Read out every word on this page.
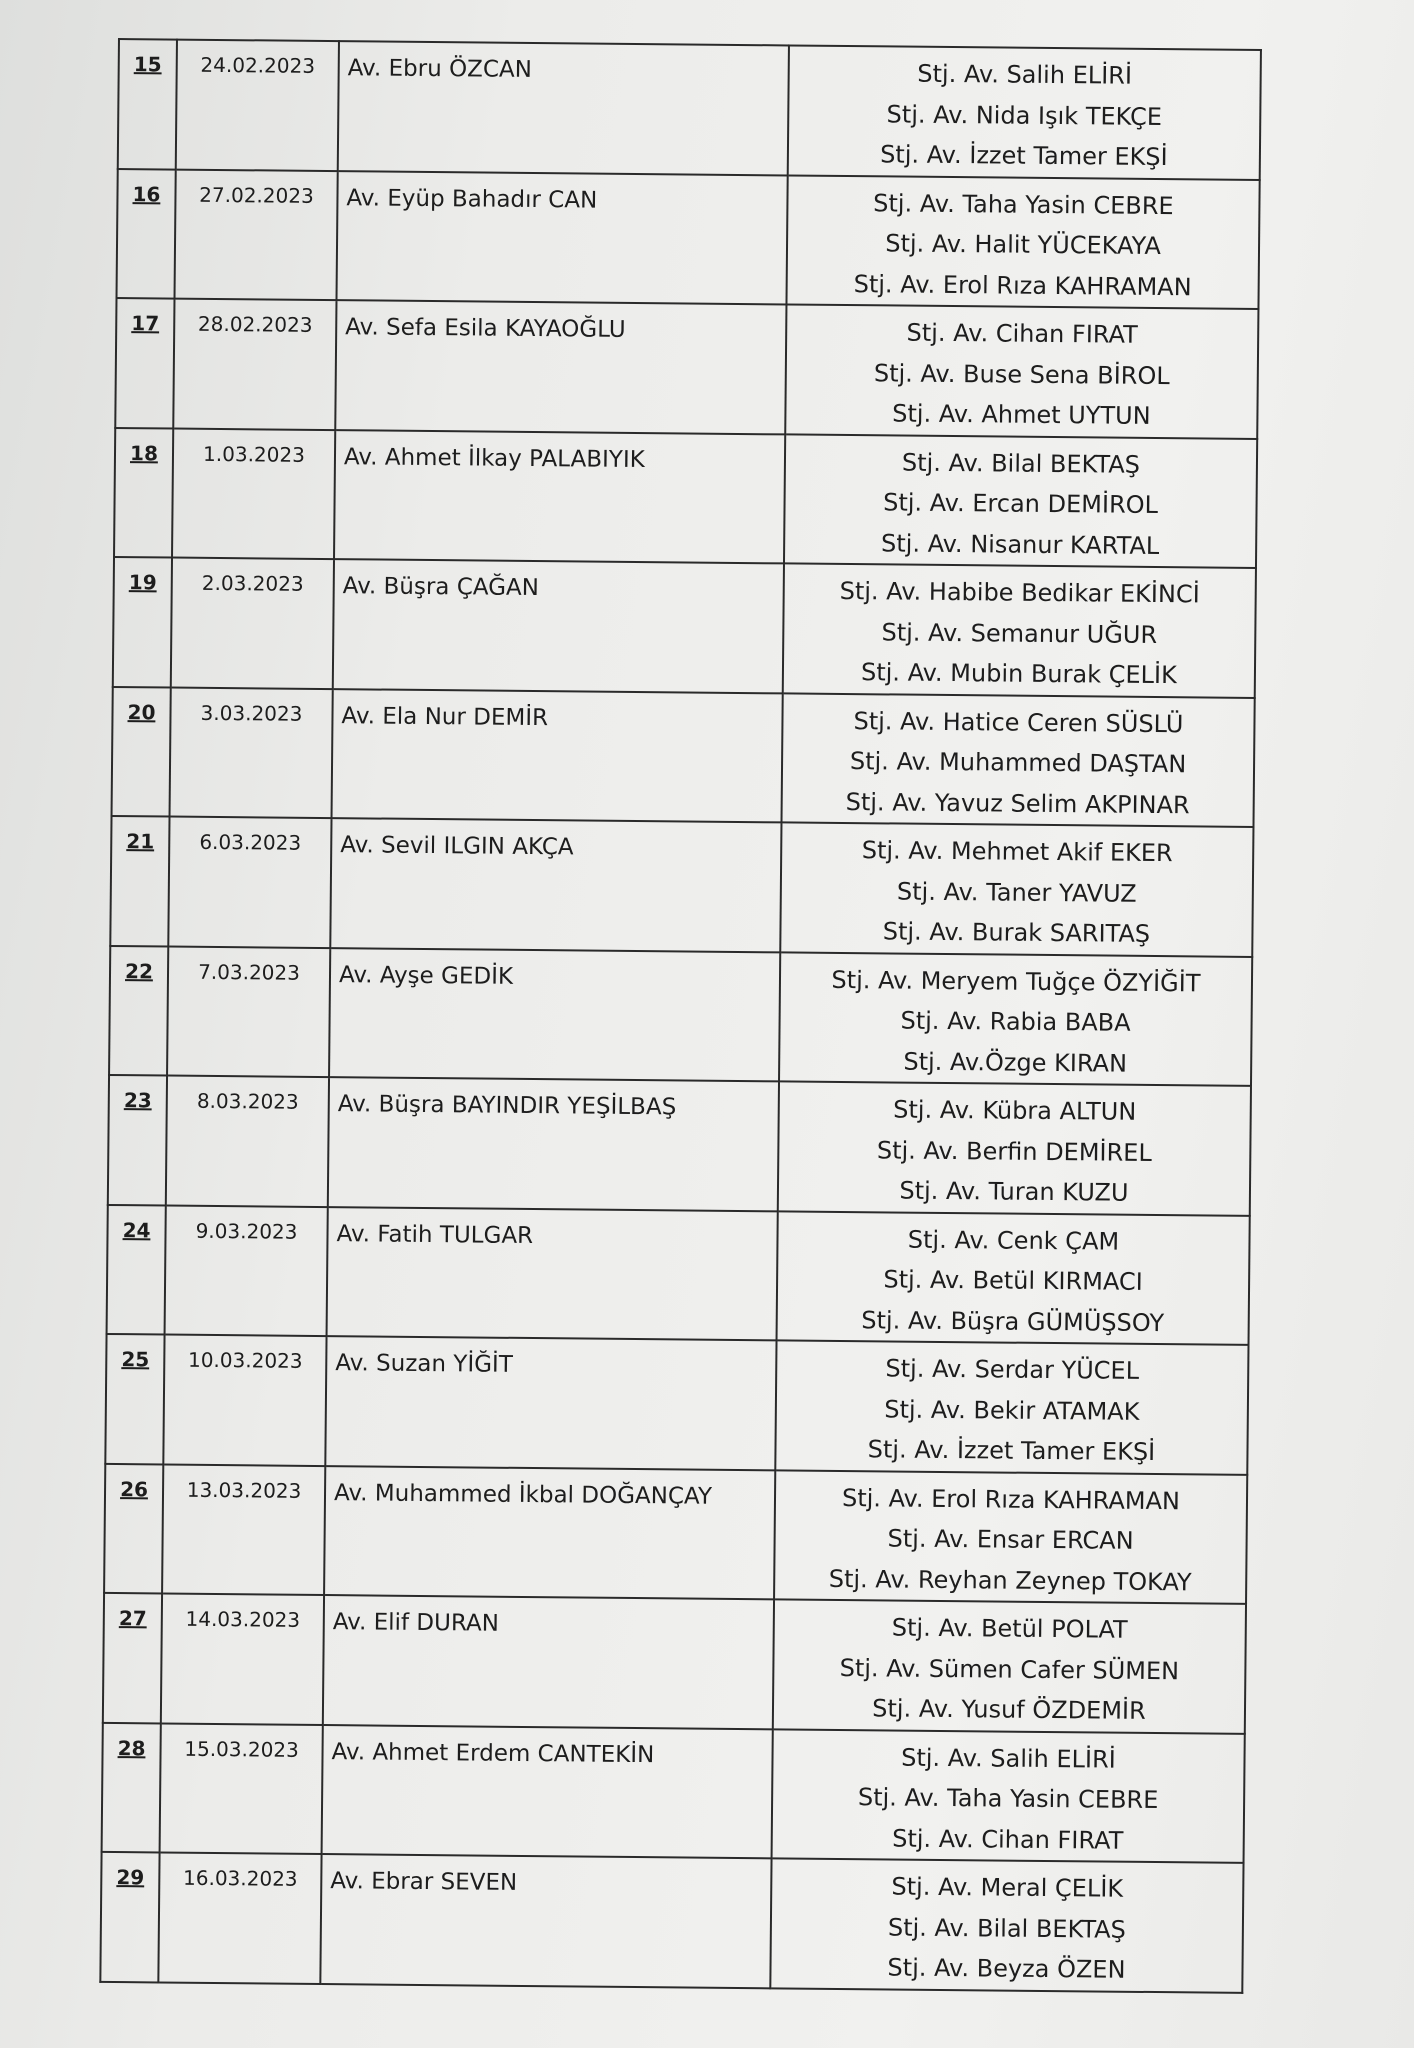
15	24.02.2023	Av. Ebru ÖZCAN	Stj. Av. Salih ELİRİ
Stj. Av. Nida Işık TEKÇE
Stj. Av. İzzet Tamer EKŞİ

16	27.02.2023	Av. Eyüp Bahadır CAN	Stj. Av. Taha Yasin CEBRE
Stj. Av. Halit YÜCEKAYA
Stj. Av. Erol Rıza KAHRAMAN

17	28.02.2023	Av. Sefa Esila KAYAOĞLU	Stj. Av. Cihan FIRAT
Stj. Av. Buse Sena BİROL
Stj. Av. Ahmet UYTUN

18	1.03.2023	Av. Ahmet İlkay PALABIYIK	Stj. Av. Bilal BEKTAŞ
Stj. Av. Ercan DEMİROL
Stj. Av. Nisanur KARTAL

19	2.03.2023	Av. Büşra ÇAĞAN	Stj. Av. Habibe Bedikar EKİNCİ
Stj. Av. Semanur UĞUR
Stj. Av. Mubin Burak ÇELİK

20	3.03.2023	Av. Ela Nur DEMİR	Stj. Av. Hatice Ceren SÜSLÜ
Stj. Av. Muhammed DAŞTAN
Stj. Av. Yavuz Selim AKPINAR

21	6.03.2023	Av. Sevil ILGIN AKÇA	Stj. Av. Mehmet Akif EKER
Stj. Av. Taner YAVUZ
Stj. Av. Burak SARITAŞ

22	7.03.2023	Av. Ayşe GEDİK	Stj. Av. Meryem Tuğçe ÖZYİĞİT
Stj. Av. Rabia BABA
Stj. Av.Özge KIRAN

23	8.03.2023	Av. Büşra BAYINDIR YEŞİLBAŞ	Stj. Av. Kübra ALTUN
Stj. Av. Berfin DEMİREL
Stj. Av. Turan KUZU

24	9.03.2023	Av. Fatih TULGAR	Stj. Av. Cenk ÇAM
Stj. Av. Betül KIRMACI
Stj. Av. Büşra GÜMÜŞSOY

25	10.03.2023	Av. Suzan YİĞİT	Stj. Av. Serdar YÜCEL
Stj. Av. Bekir ATAMAK
Stj. Av. İzzet Tamer EKŞİ

26	13.03.2023	Av. Muhammed İkbal DOĞANÇAY	Stj. Av. Erol Rıza KAHRAMAN
Stj. Av. Ensar ERCAN
Stj. Av. Reyhan Zeynep TOKAY

27	14.03.2023	Av. Elif DURAN	Stj. Av. Betül POLAT
Stj. Av. Sümen Cafer SÜMEN
Stj. Av. Yusuf ÖZDEMİR

28	15.03.2023	Av. Ahmet Erdem CANTEKİN	Stj. Av. Salih ELİRİ
Stj. Av. Taha Yasin CEBRE
Stj. Av. Cihan FIRAT

29	16.03.2023	Av. Ebrar SEVEN	Stj. Av. Meral ÇELİK
Stj. Av. Bilal BEKTAŞ
Stj. Av. Beyza ÖZEN
